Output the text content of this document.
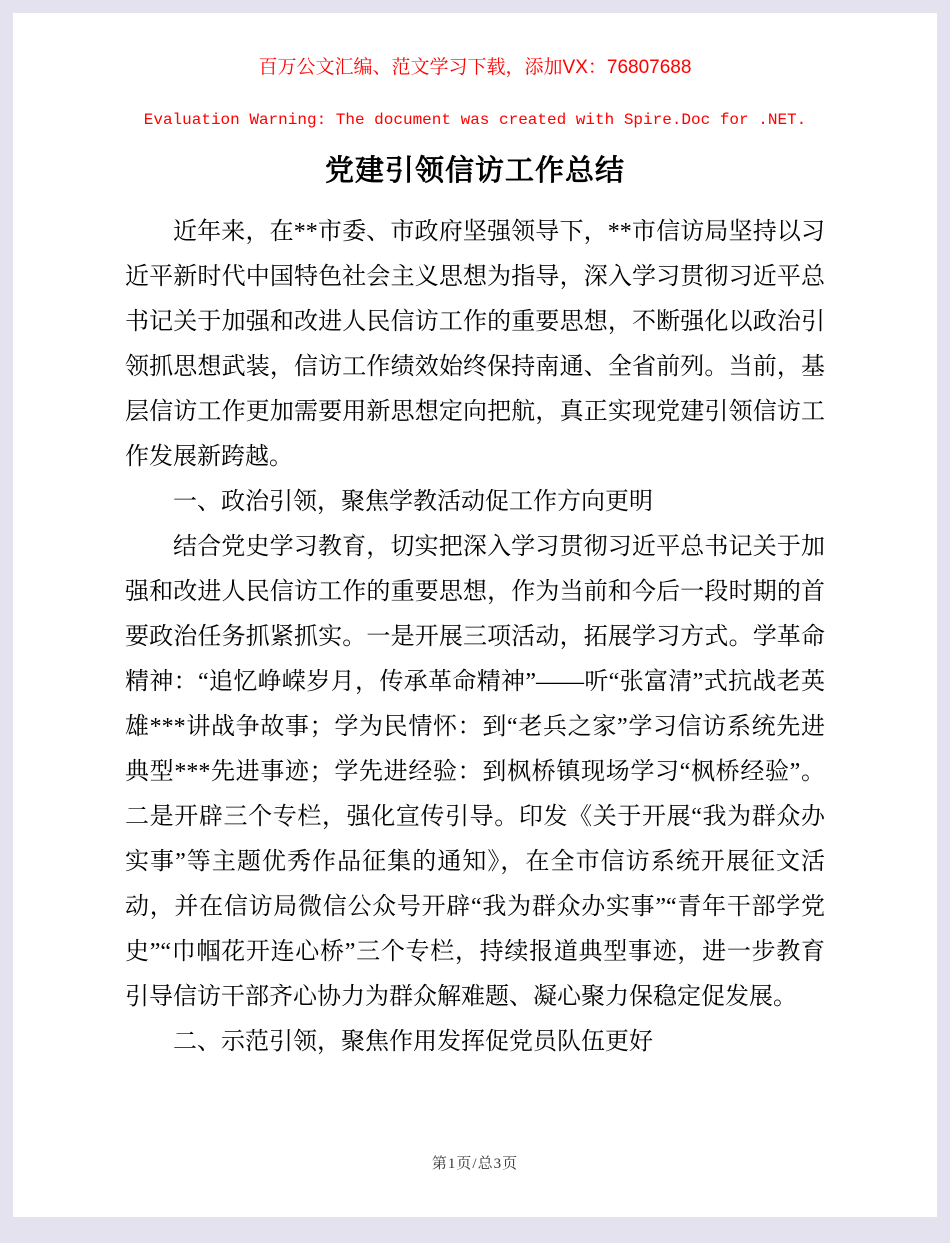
百万公文汇编、范文学习下载，添加VX：76807688
Evaluation Warning: The document was created with Spire.Doc for .NET.
党建引领信访工作总结

近年来，在**市委、市政府坚强领导下，**市信访局坚持以习近平新时代中国特色社会主义思想为指导，深入学习贯彻习近平总书记关于加强和改进人民信访工作的重要思想，不断强化以政治引领抓思想武装，信访工作绩效始终保持南通、全省前列。当前，基层信访工作更加需要用新思想定向把航，真正实现党建引领信访工作发展新跨越。

一、政治引领，聚焦学教活动促工作方向更明

结合党史学习教育，切实把深入学习贯彻习近平总书记关于加强和改进人民信访工作的重要思想，作为当前和今后一段时期的首要政治任务抓紧抓实。一是开展三项活动，拓展学习方式。学革命精神：“追忆峥嵘岁月，传承革命精神”——听“张富清”式抗战老英雄***讲战争故事；学为民情怀：到“老兵之家”学习信访系统先进典型***先进事迹；学先进经验：到枫桥镇现场学习“枫桥经验”。二是开辟三个专栏，强化宣传引导。印发《关于开展“我为群众办实事”等主题优秀作品征集的通知》，在全市信访系统开展征文活动，并在信访局微信公众号开辟“我为群众办实事”“青年干部学党史”“巾帼花开连心桥”三个专栏，持续报道典型事迹，进一步教育引导信访干部齐心协力为群众解难题、凝心聚力保稳定促发展。

二、示范引领，聚焦作用发挥促党员队伍更好

第1页/总3页
